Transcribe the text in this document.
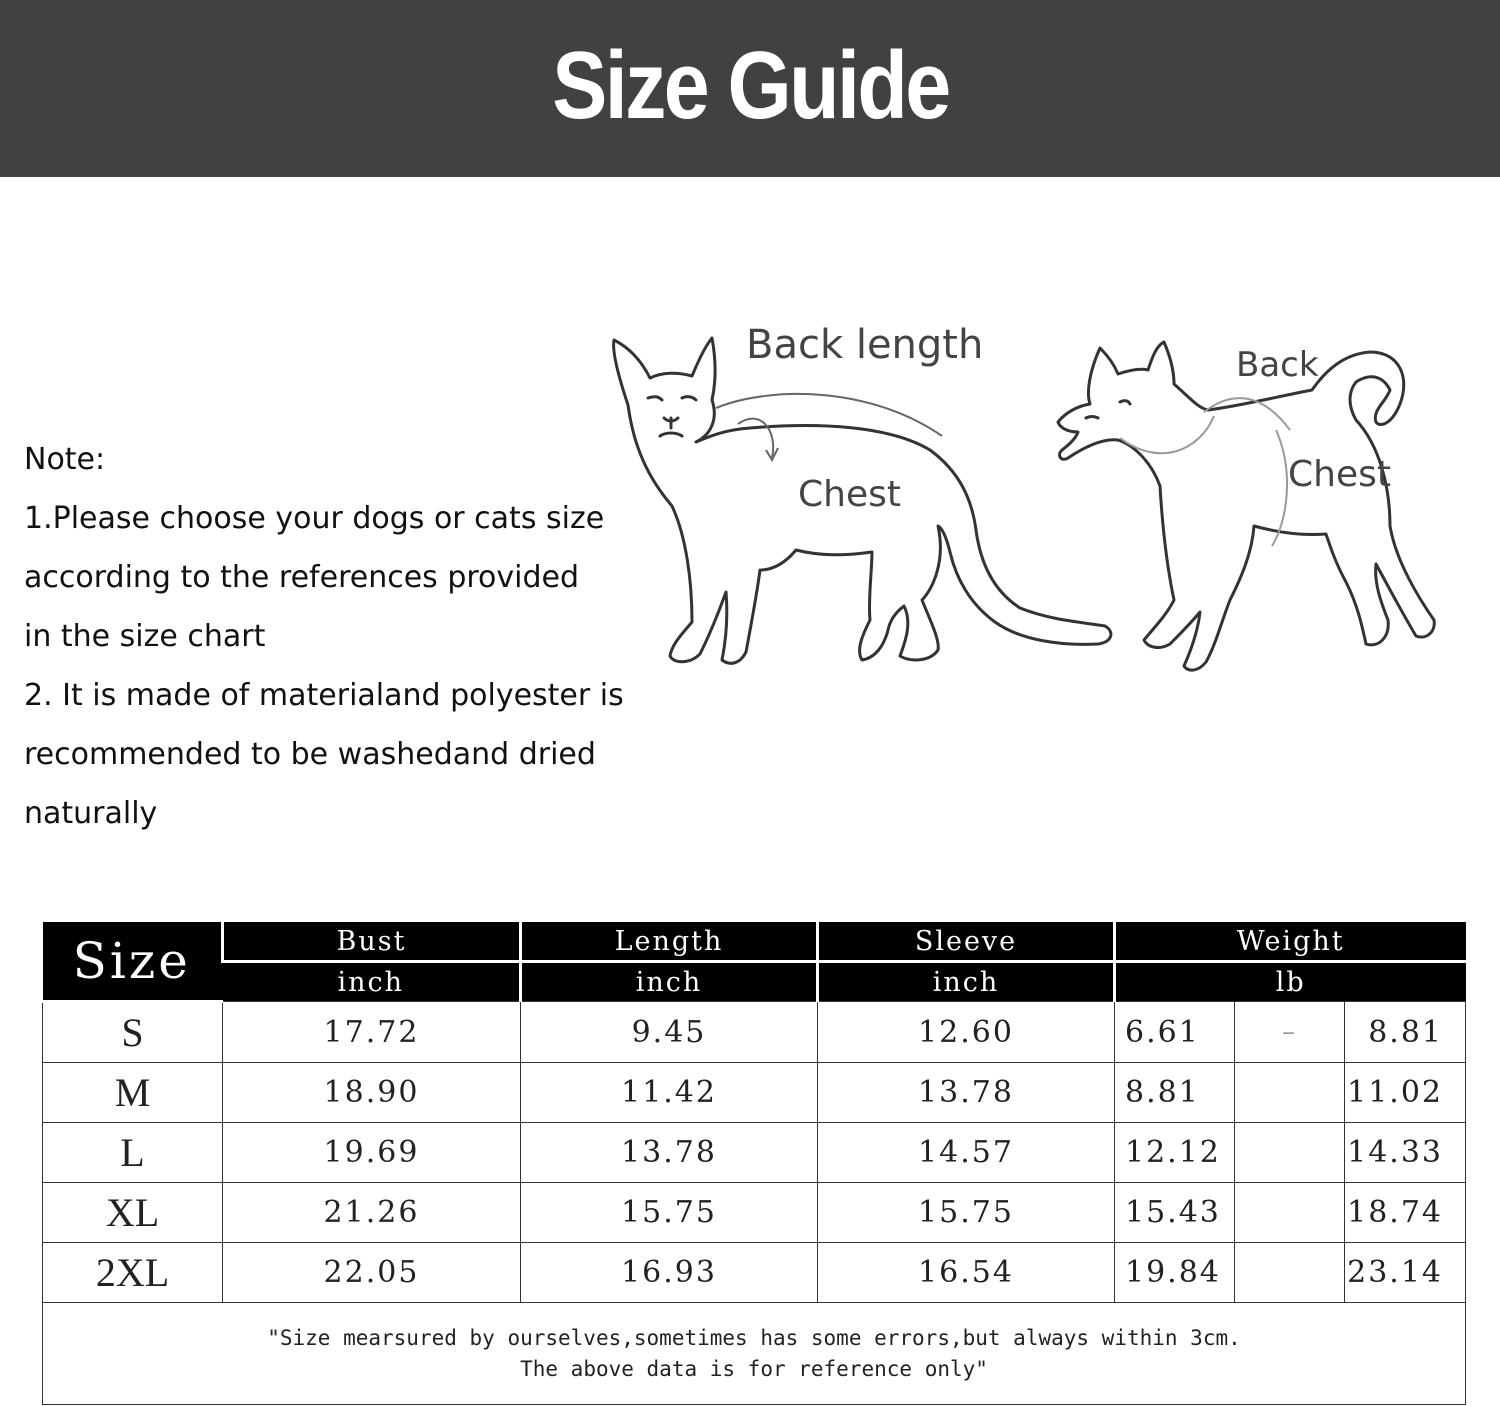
Size Guide
Note:
1.Please choose your dogs or cats size
according to the references provided
in the size chart
2. It is made of materialand polyester is
recommended to be washedand dried
naturally
Back length
Chest
Back
Chest
Size	Bust	Length	Sleeve	Weight		
	inch	inch	inch	lb		
S	17.72	9.45	12.60	6.61	–	8.81
M	18.90	11.42	13.78	8.81		11.02
L	19.69	13.78	14.57	12.12		14.33
XL	21.26	15.75	15.75	15.43		18.74
2XL	22.05	16.93	16.54	19.84		23.14

"Size mearsured by ourselves,sometimes has some errors,but always within 3cm.
The above data is for reference only"						
